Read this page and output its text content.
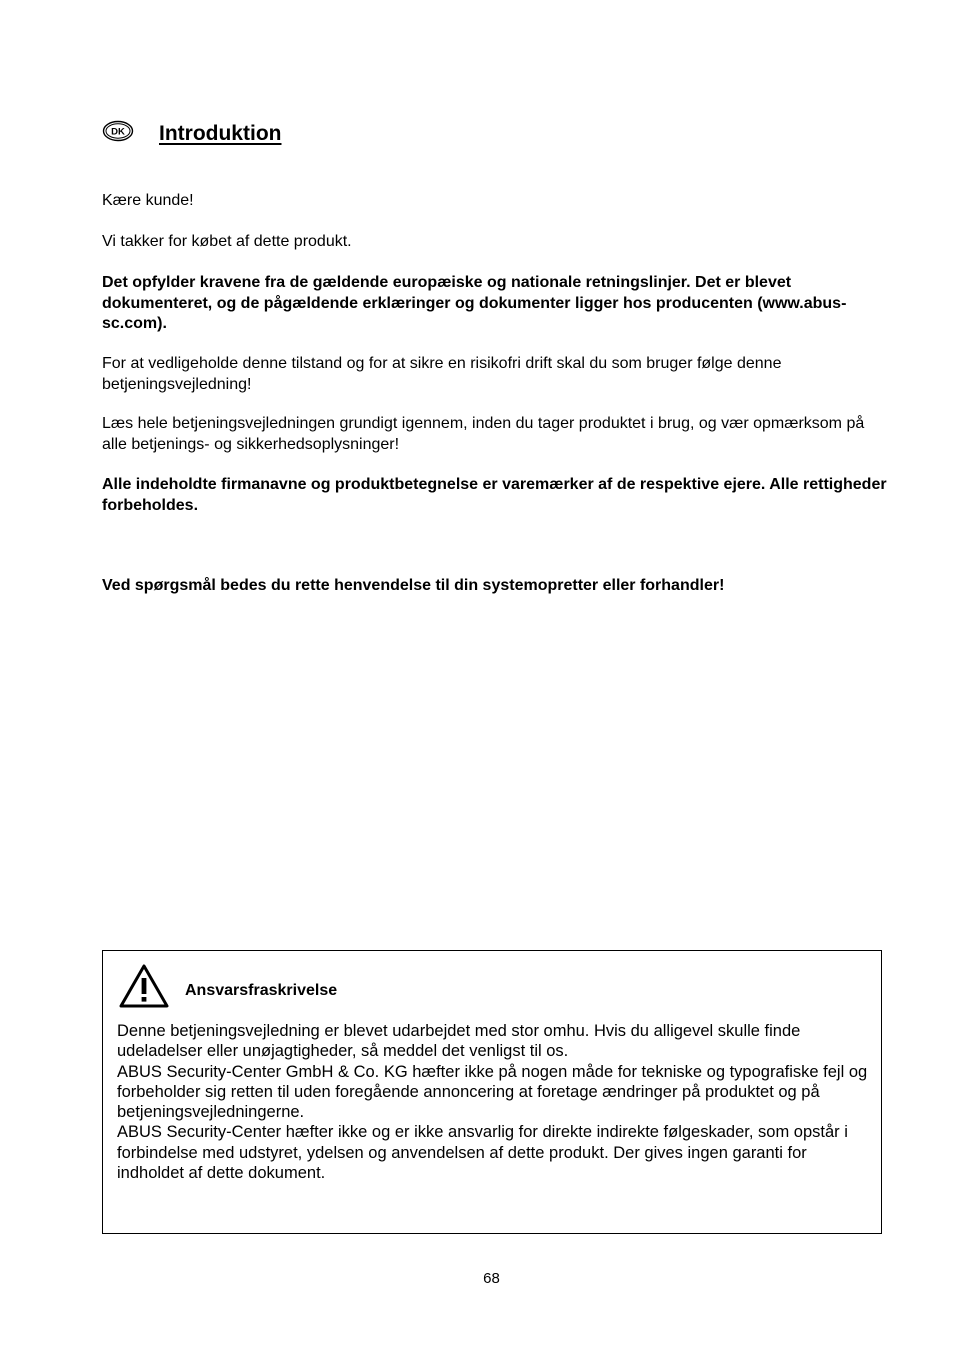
DK Introduktion

Kære kunde!

Vi takker for købet af dette produkt.

Det opfylder kravene fra de gældende europæiske og nationale retningslinjer. Det er blevet dokumenteret, og de pågældende erklæringer og dokumenter ligger hos producenten (www.abus-sc.com).

For at vedligeholde denne tilstand og for at sikre en risikofri drift skal du som bruger følge denne betjeningsvejledning!

Læs hele betjeningsvejledningen grundigt igennem, inden du tager produktet i brug, og vær opmærksom på alle betjenings- og sikkerhedsoplysninger!

Alle indeholdte firmanavne og produktbetegnelse er varemærker af de respektive ejere. Alle rettigheder forbeholdes.

Ved spørgsmål bedes du rette henvendelse til din systemopretter eller forhandler!

Ansvarsfraskrivelse

Denne betjeningsvejledning er blevet udarbejdet med stor omhu. Hvis du alligevel skulle finde udeladelser eller unøjagtigheder, så meddel det venligst til os.
ABUS Security-Center GmbH & Co. KG hæfter ikke på nogen måde for tekniske og typografiske fejl og forbeholder sig retten til uden foregående annoncering at foretage ændringer på produktet og på betjeningsvejledningerne.
ABUS Security-Center hæfter ikke og er ikke ansvarlig for direkte indirekte følgeskader, som opstår i forbindelse med udstyret, ydelsen og anvendelsen af dette produkt. Der gives ingen garanti for indholdet af dette dokument.

68
